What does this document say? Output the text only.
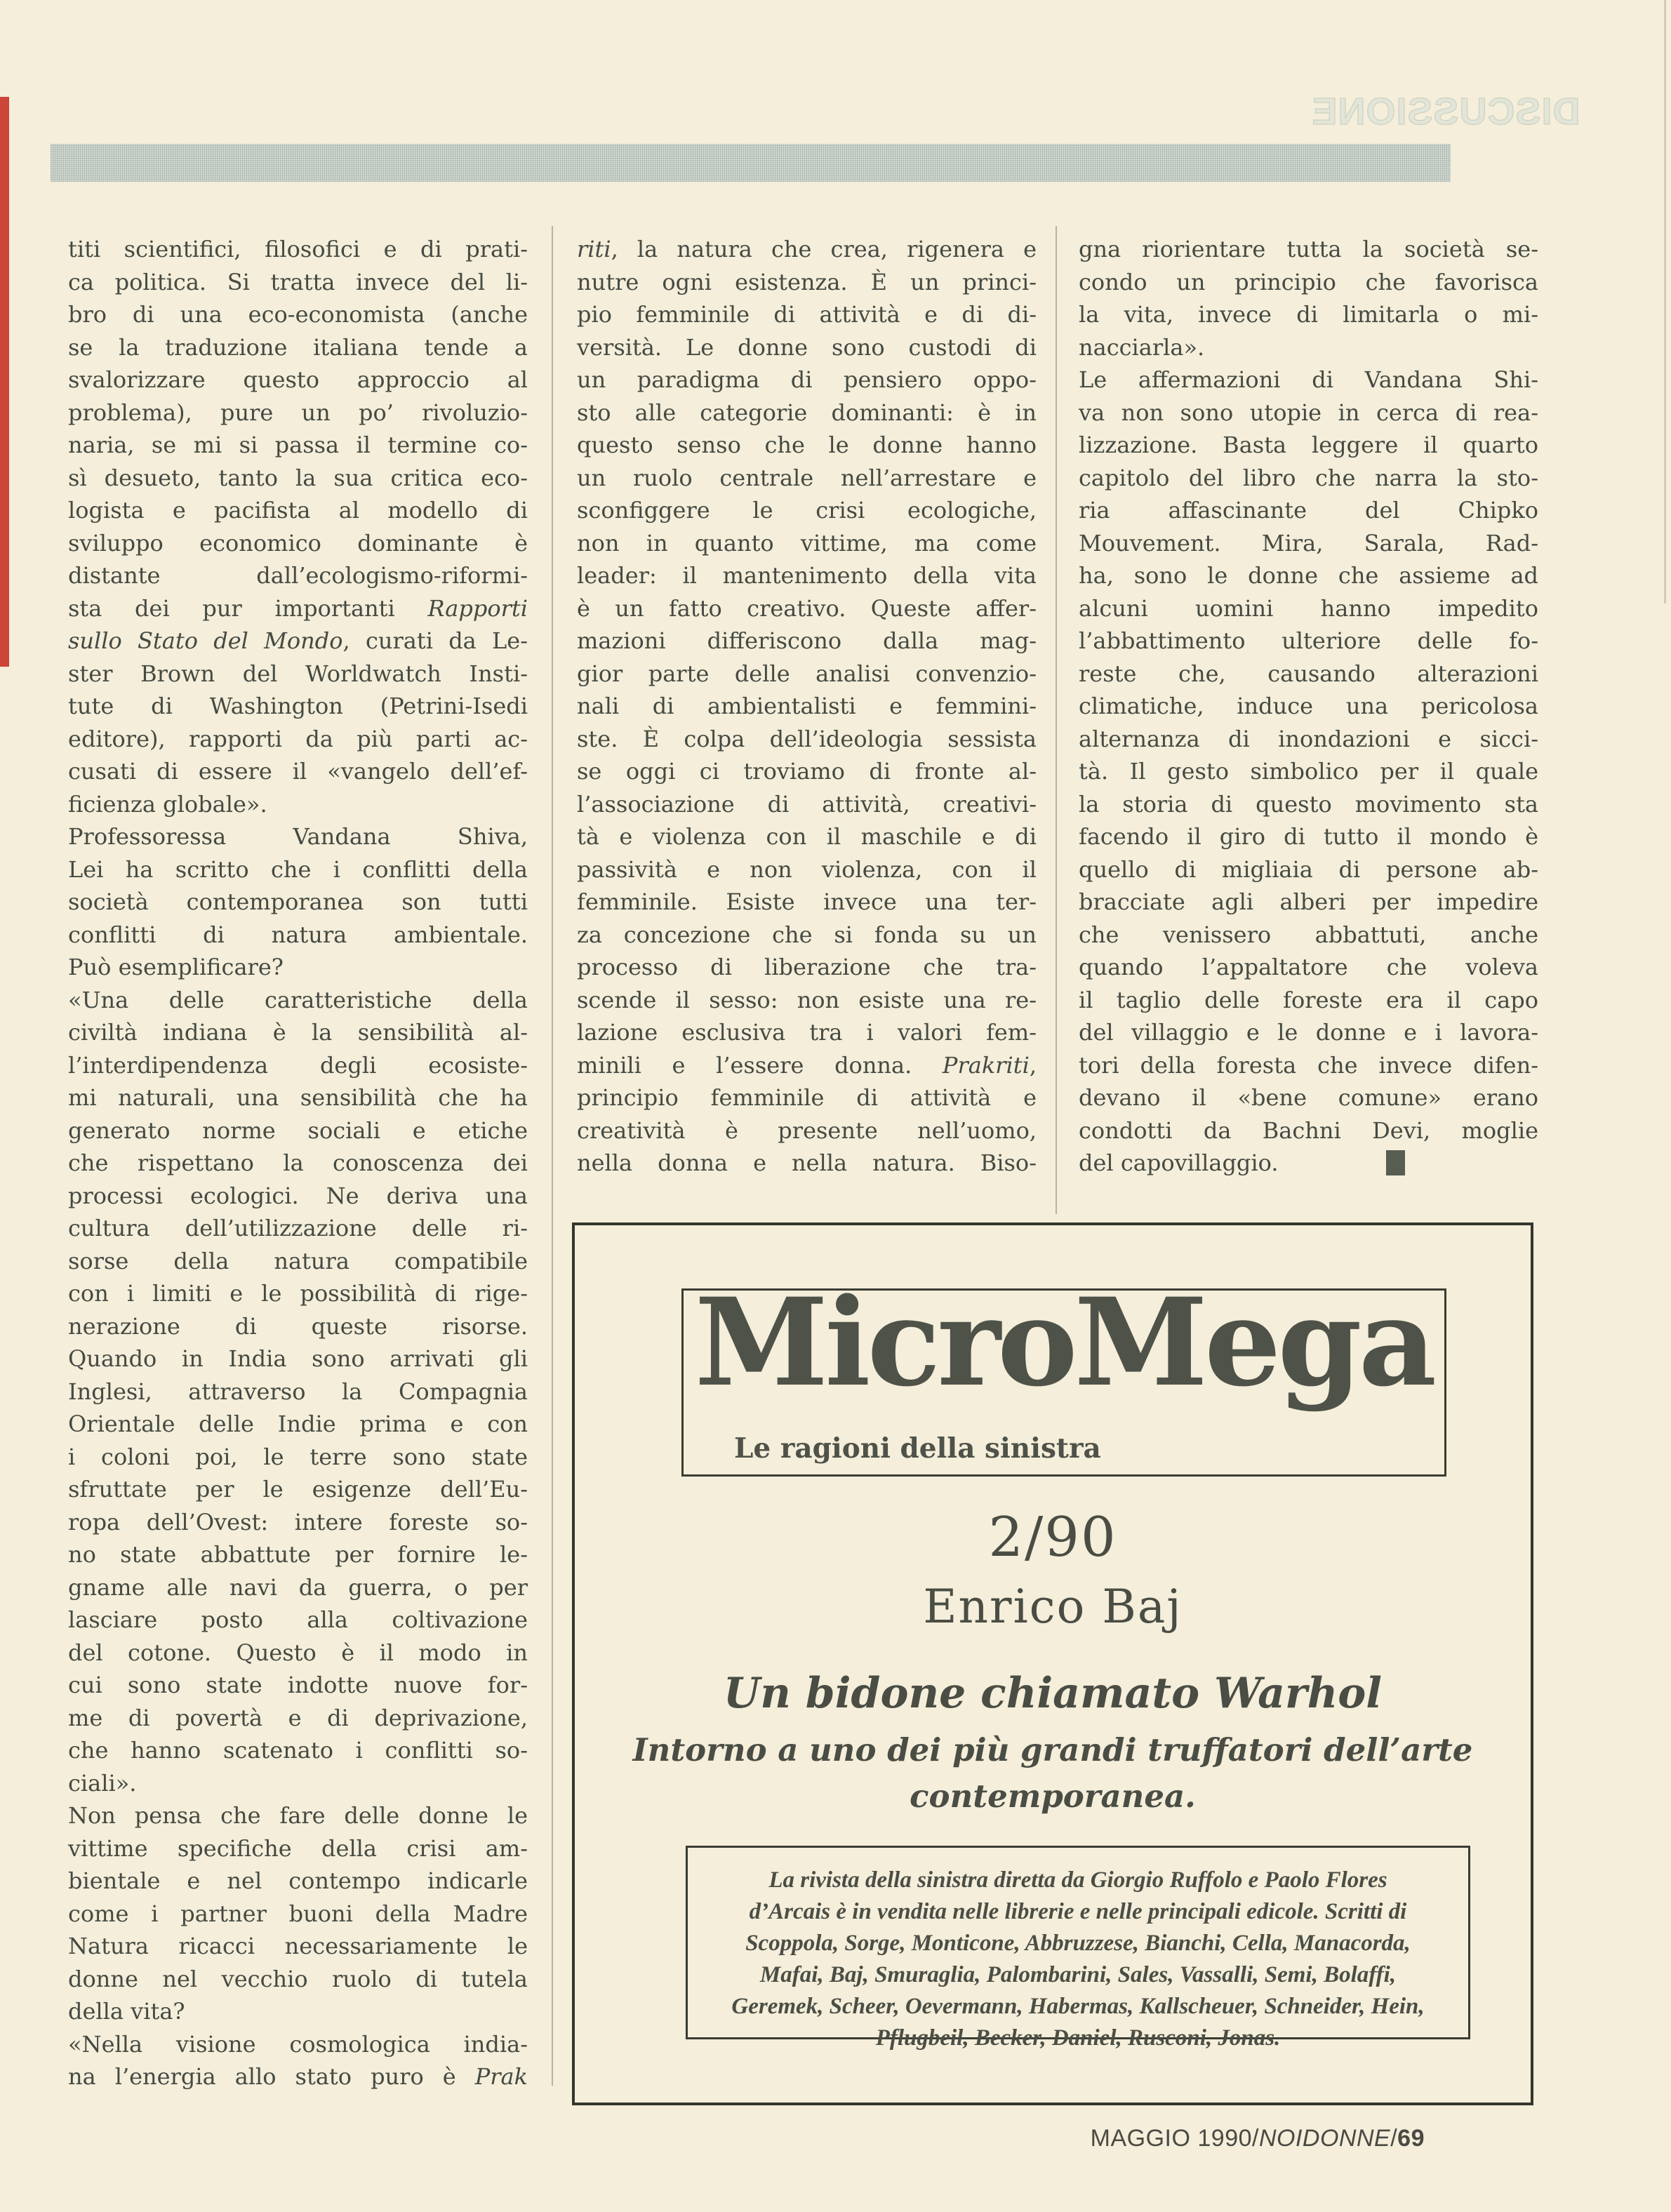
DISCUSSIONE
titi scientifici, filosofici e di prati-
ca politica. Si tratta invece del li-
bro di una eco-economista (anche
se la traduzione italiana tende a
svalorizzare questo approccio al
problema), pure un po’ rivoluzio-
naria, se mi si passa il termine co-
sì desueto, tanto la sua critica eco-
logista e pacifista al modello di
sviluppo economico dominante è
distante dall’ecologismo-riformi-
sta dei pur importanti Rapporti
sullo Stato del Mondo, curati da Le-
ster Brown del Worldwatch Insti-
tute di Washington (Petrini-Isedi
editore), rapporti da più parti ac-
cusati di essere il «vangelo dell’ef-
ficienza globale».
Professoressa Vandana Shiva,
Lei ha scritto che i conflitti della
società contemporanea son tutti
conflitti di natura ambientale.
Può esemplificare?
«Una delle caratteristiche della
civiltà indiana è la sensibilità al-
l’interdipendenza degli ecosiste-
mi naturali, una sensibilità che ha
generato norme sociali e etiche
che rispettano la conoscenza dei
processi ecologici. Ne deriva una
cultura dell’utilizzazione delle ri-
sorse della natura compatibile
con i limiti e le possibilità di rige-
nerazione di queste risorse.
Quando in India sono arrivati gli
Inglesi, attraverso la Compagnia
Orientale delle Indie prima e con
i coloni poi, le terre sono state
sfruttate per le esigenze dell’Eu-
ropa dell’Ovest: intere foreste so-
no state abbattute per fornire le-
gname alle navi da guerra, o per
lasciare posto alla coltivazione
del cotone. Questo è il modo in
cui sono state indotte nuove for-
me di povertà e di deprivazione,
che hanno scatenato i conflitti so-
ciali».
Non pensa che fare delle donne le
vittime specifiche della crisi am-
bientale e nel contempo indicarle
come i partner buoni della Madre
Natura ricacci necessariamente le
donne nel vecchio ruolo di tutela
della vita?
«Nella visione cosmologica india-
na l’energia allo stato puro è Prak
riti, la natura che crea, rigenera e
nutre ogni esistenza. È un princi-
pio femminile di attività e di di-
versità. Le donne sono custodi di
un paradigma di pensiero oppo-
sto alle categorie dominanti: è in
questo senso che le donne hanno
un ruolo centrale nell’arrestare e
sconfiggere le crisi ecologiche,
non in quanto vittime, ma come
leader: il mantenimento della vita
è un fatto creativo. Queste affer-
mazioni differiscono dalla mag-
gior parte delle analisi convenzio-
nali di ambientalisti e femmini-
ste. È colpa dell’ideologia sessista
se oggi ci troviamo di fronte al-
l’associazione di attività, creativi-
tà e violenza con il maschile e di
passività e non violenza, con il
femminile. Esiste invece una ter-
za concezione che si fonda su un
processo di liberazione che tra-
scende il sesso: non esiste una re-
lazione esclusiva tra i valori fem-
minili e l’essere donna. Prakriti,
principio femminile di attività e
creatività è presente nell’uomo,
nella donna e nella natura. Biso-
gna riorientare tutta la società se-
condo un principio che favorisca
la vita, invece di limitarla o mi-
nacciarla».
Le affermazioni di Vandana Shi-
va non sono utopie in cerca di rea-
lizzazione. Basta leggere il quarto
capitolo del libro che narra la sto-
ria affascinante del Chipko
Mouvement. Mira, Sarala, Rad-
ha, sono le donne che assieme ad
alcuni uomini hanno impedito
l’abbattimento ulteriore delle fo-
reste che, causando alterazioni
climatiche, induce una pericolosa
alternanza di inondazioni e sicci-
tà. Il gesto simbolico per il quale
la storia di questo movimento sta
facendo il giro di tutto il mondo è
quello di migliaia di persone ab-
bracciate agli alberi per impedire
che venissero abbattuti, anche
quando l’appaltatore che voleva
il taglio delle foreste era il capo
del villaggio e le donne e i lavora-
tori della foresta che invece difen-
devano il «bene comune» erano
condotti da Bachni Devi, moglie
del capovillaggio.
MicroMega
Le ragioni della sinistra
2/90
Enrico Baj
Un bidone chiamato Warhol
Intorno a uno dei più grandi truffatori dell’arte
contemporanea.
La rivista della sinistra diretta da Giorgio Ruffolo e Paolo Flores
d’Arcais è in vendita nelle librerie e nelle principali edicole. Scritti di
Scoppola, Sorge, Monticone, Abbruzzese, Bianchi, Cella, Manacorda,
Mafai, Baj, Smuraglia, Palombarini, Sales, Vassalli, Semi, Bolaffi,
Geremek, Scheer, Oevermann, Habermas, Kallscheuer, Schneider, Hein,
Pflugbeil, Becker, Daniel, Rusconi, Jonas.
MAGGIO 1990/NOIDONNE/69
